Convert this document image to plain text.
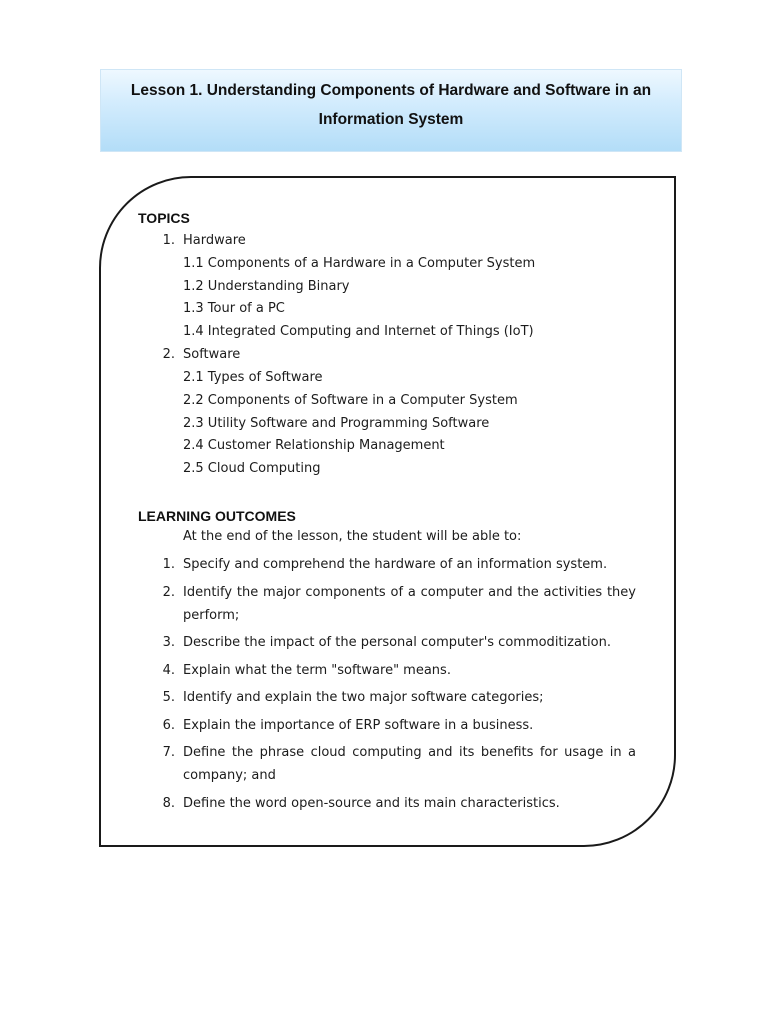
Lesson 1. Understanding Components of Hardware and Software in an Information System

TOPICS

1. Hardware
1.1 Components of a Hardware in a Computer System
1.2 Understanding Binary
1.3 Tour of a PC
1.4 Integrated Computing and Internet of Things (IoT)
2. Software
2.1 Types of Software
2.2 Components of Software in a Computer System
2.3 Utility Software and Programming Software
2.4 Customer Relationship Management
2.5 Cloud Computing

LEARNING OUTCOMES

At the end of the lesson, the student will be able to:
1. Specify and comprehend the hardware of an information system.
2. Identify the major components of a computer and the activities they perform;
3. Describe the impact of the personal computer's commoditization.
4. Explain what the term "software" means.
5. Identify and explain the two major software categories;
6. Explain the importance of ERP software in a business.
7. Define the phrase cloud computing and its benefits for usage in a company; and
8. Define the word open-source and its main characteristics.
